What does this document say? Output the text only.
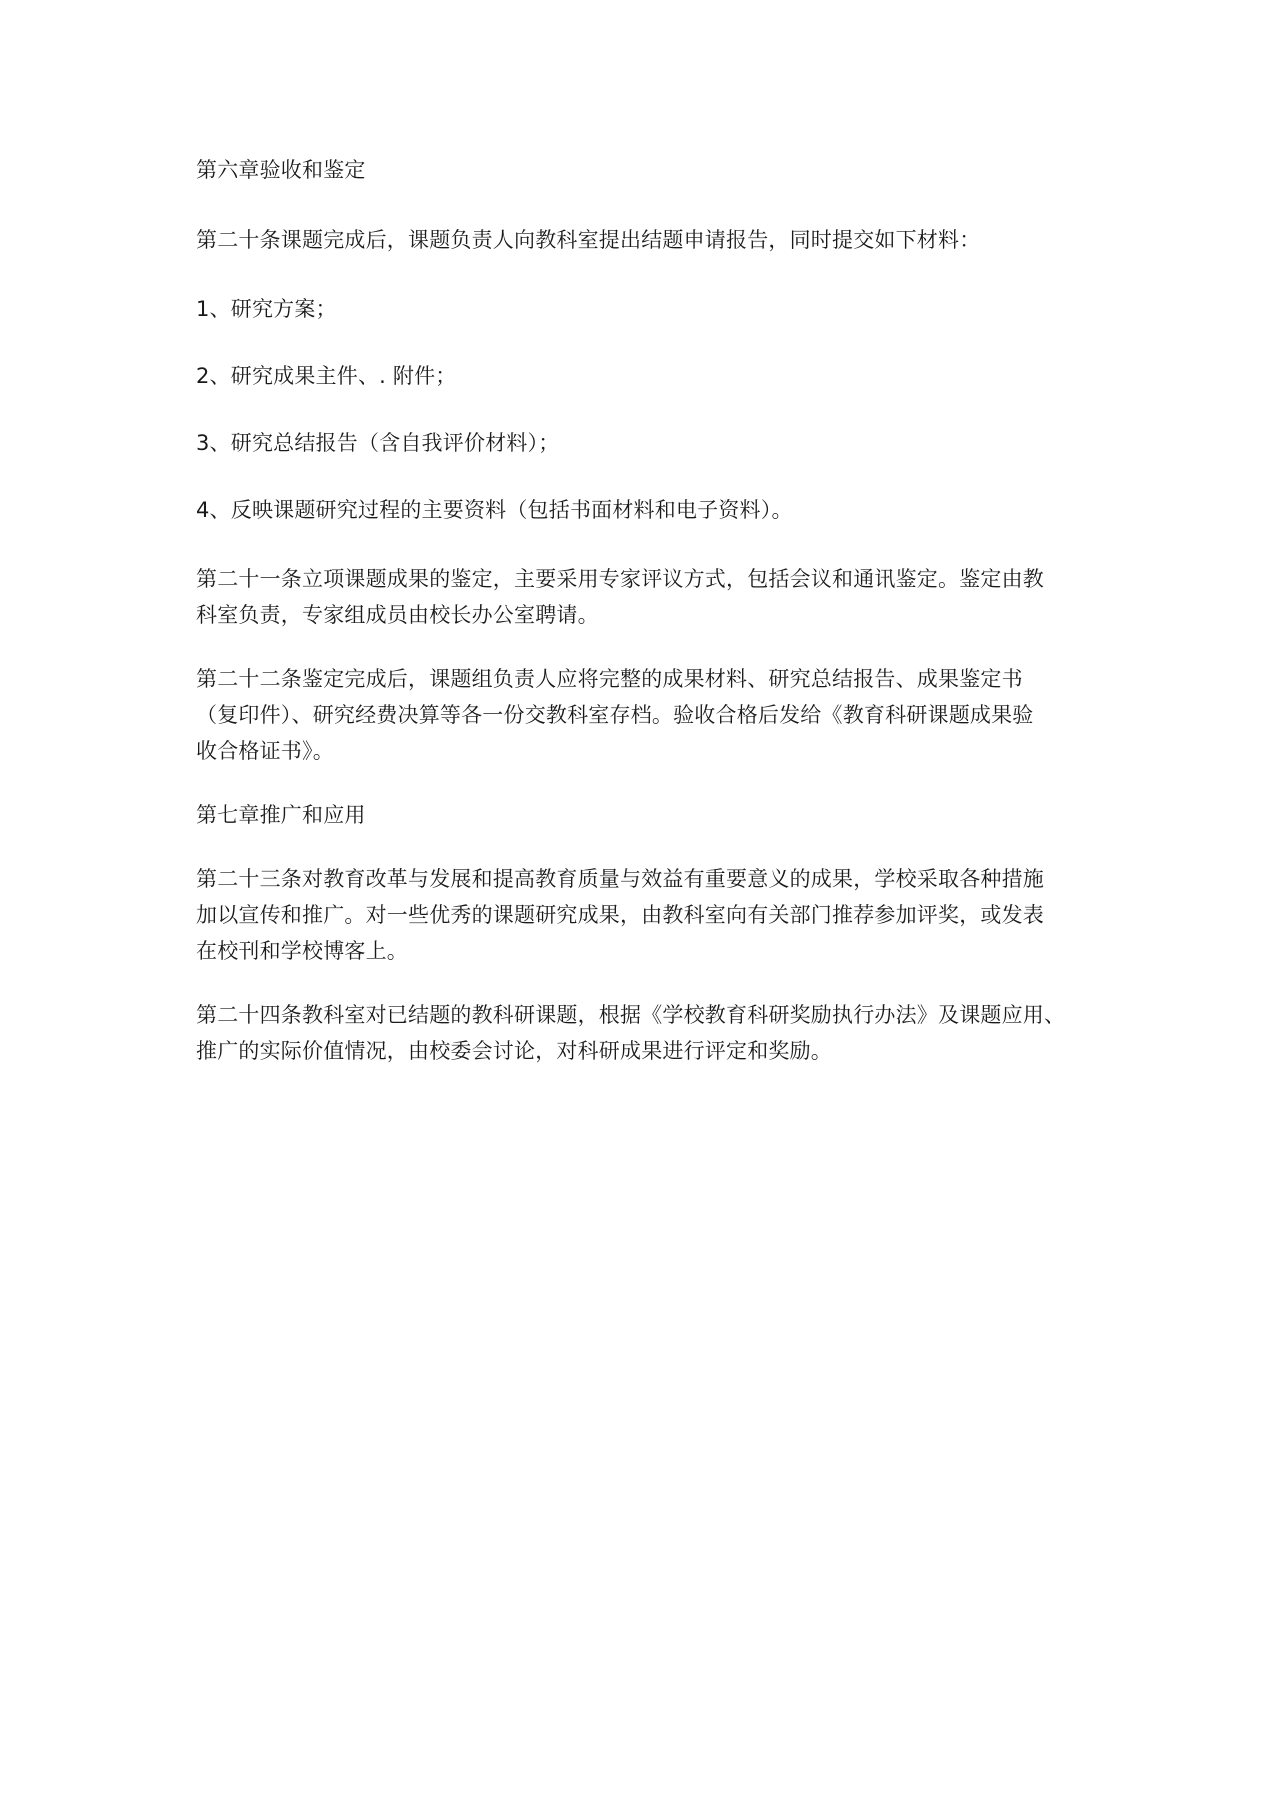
第六章验收和鉴定
第二十条课题完成后，课题负责人向教科室提出结题申请报告，同时提交如下材料：
1、研究方案；
2、研究成果主件、. 附件；
3、研究总结报告（含自我评价材料）；
4、反映课题研究过程的主要资料（包括书面材料和电子资料）。
第二十一条立项课题成果的鉴定，主要采用专家评议方式，包括会议和通讯鉴定。鉴定由教
科室负责，专家组成员由校长办公室聘请。
第二十二条鉴定完成后，课题组负责人应将完整的成果材料、研究总结报告、成果鉴定书
（复印件）、研究经费决算等各一份交教科室存档。验收合格后发给《教育科研课题成果验
收合格证书》。
第七章推广和应用
第二十三条对教育改革与发展和提高教育质量与效益有重要意义的成果，学校采取各种措施
加以宣传和推广。对一些优秀的课题研究成果，由教科室向有关部门推荐参加评奖，或发表
在校刊和学校博客上。
第二十四条教科室对已结题的教科研课题，根据《学校教育科研奖励执行办法》及课题应用、
推广的实际价值情况，由校委会讨论，对科研成果进行评定和奖励。
